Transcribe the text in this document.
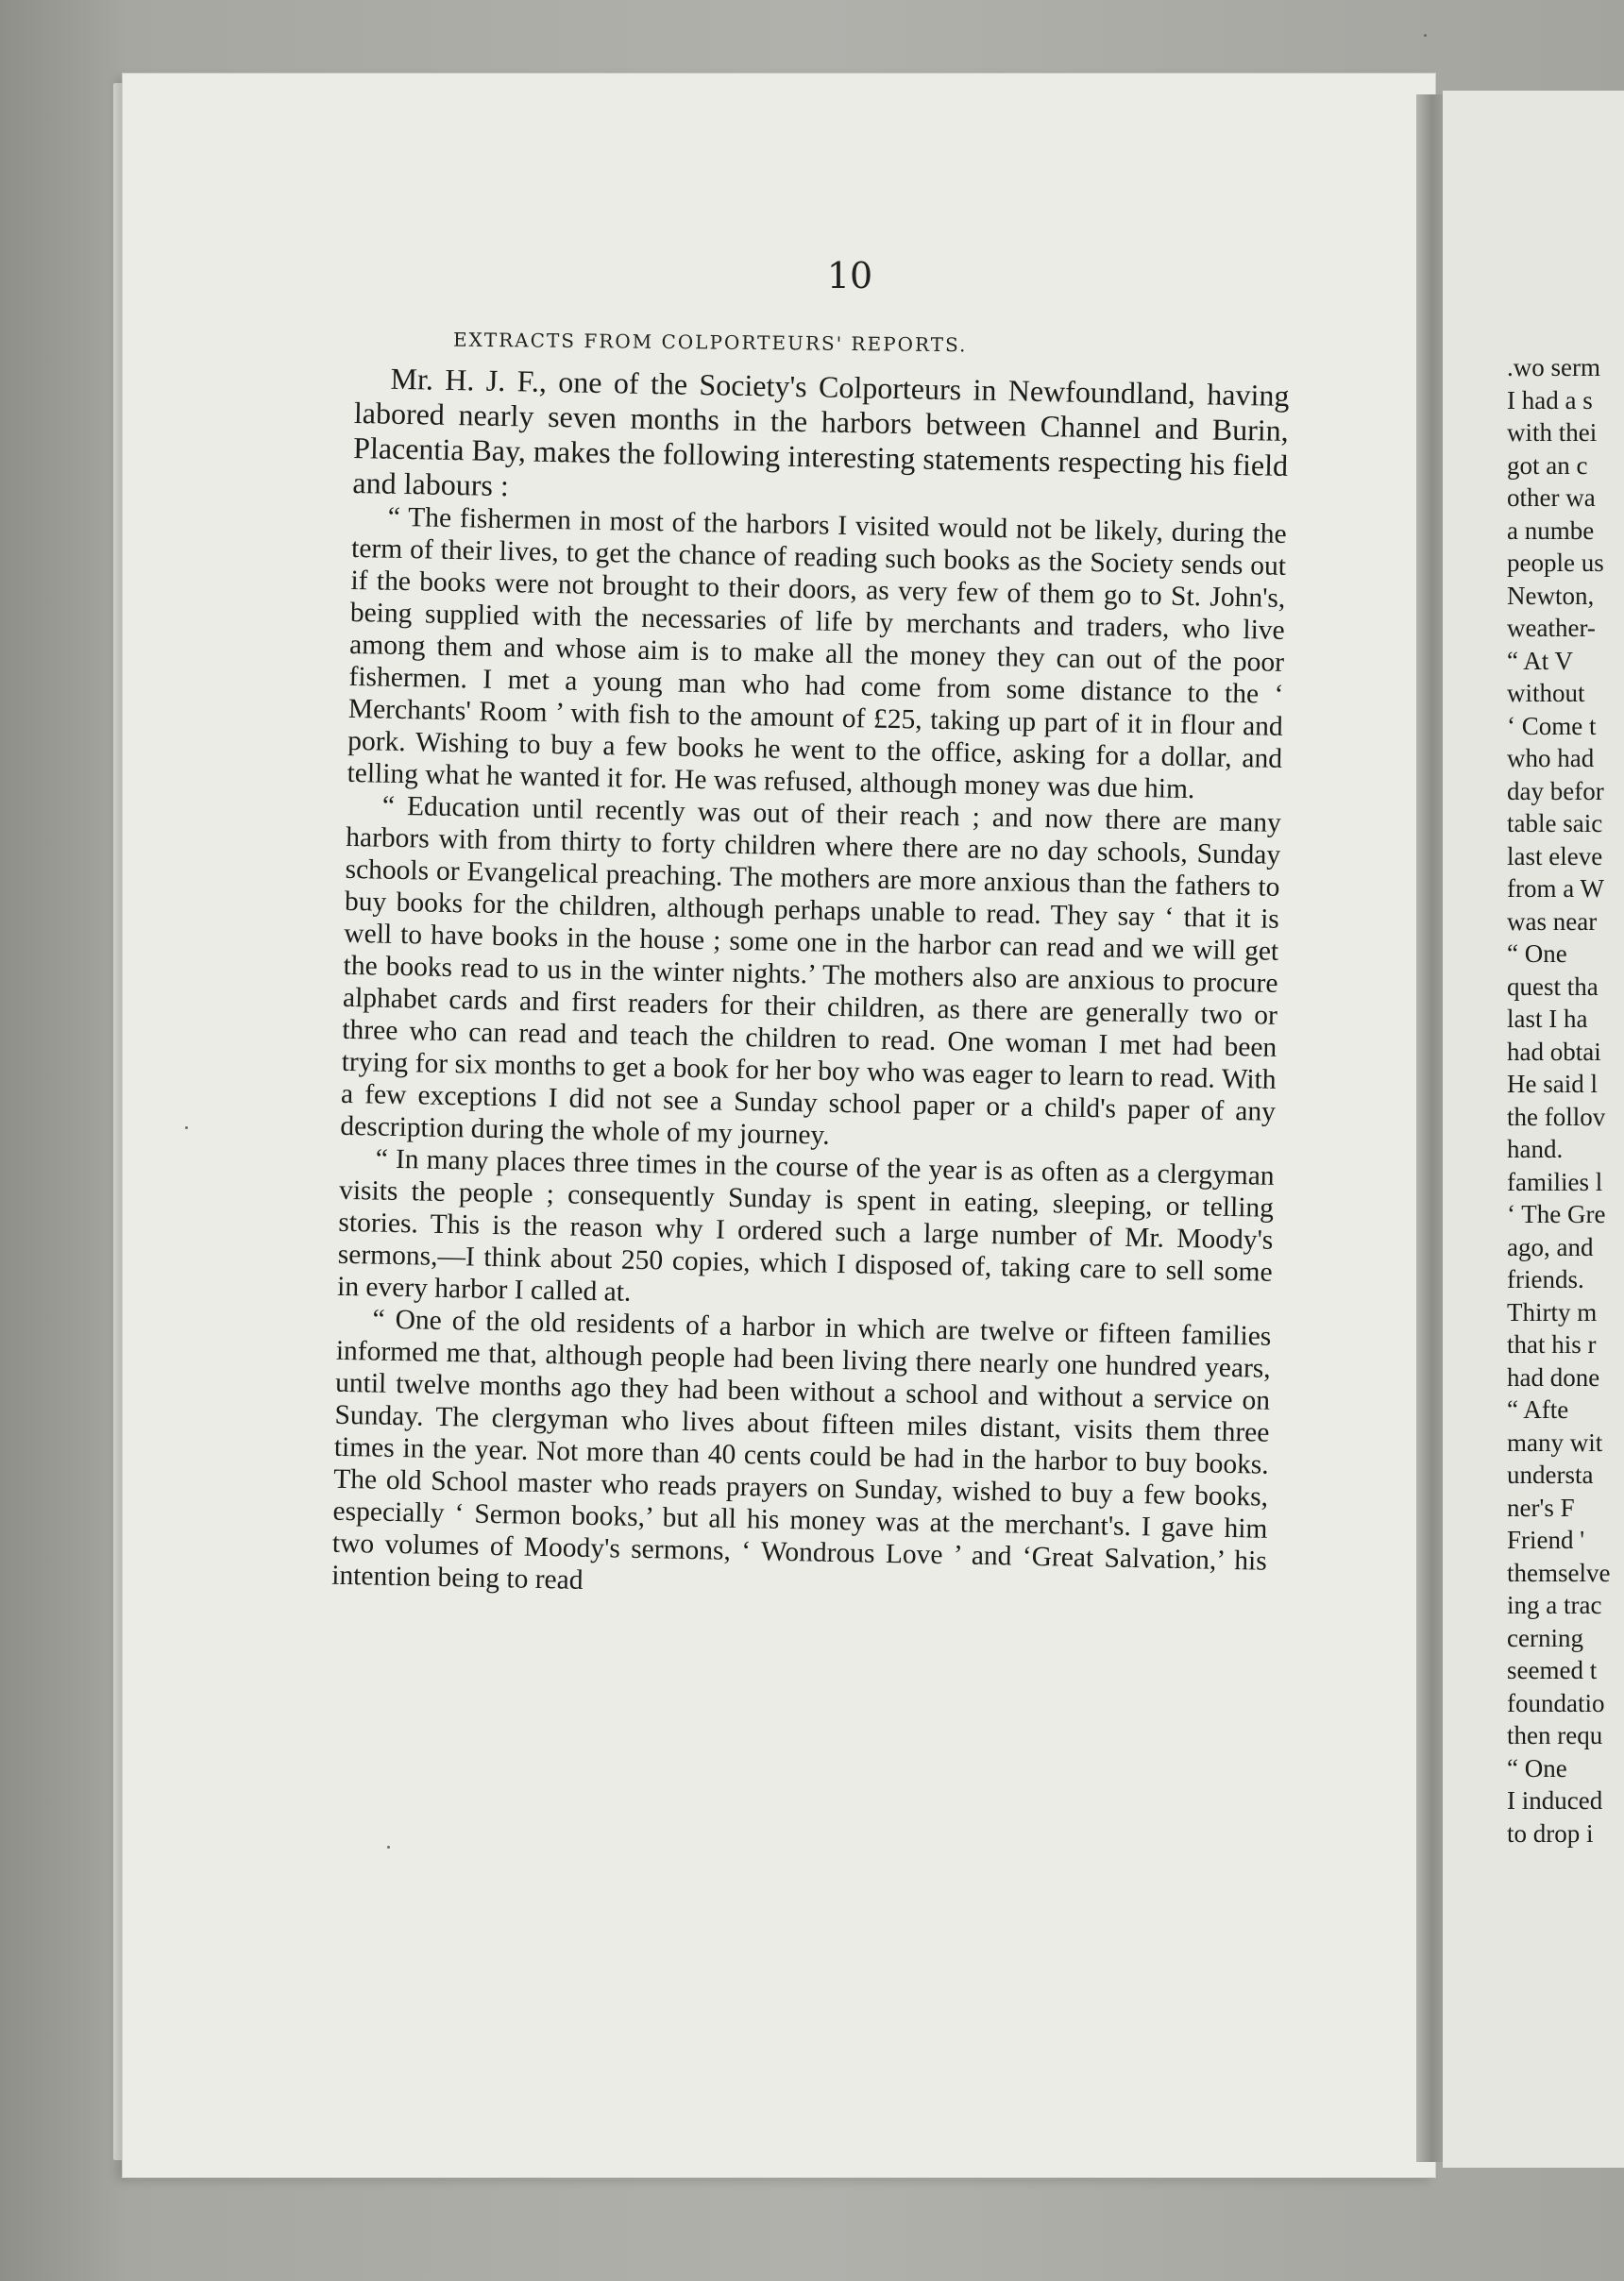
10

EXTRACTS FROM COLPORTEURS' REPORTS.

Mr. H. J. F., one of the Society's Colporteurs in Newfoundland, having labored nearly seven months in the harbors between Channel and Burin, Placentia Bay, makes the following interesting statements respecting his field and labours :

“ The fishermen in most of the harbors I visited would not be likely, during the term of their lives, to get the chance of reading such books as the Society sends out if the books were not brought to their doors, as very few of them go to St. John's, being supplied with the necessaries of life by merchants and traders, who live among them and whose aim is to make all the money they can out of the poor fishermen. I met a young man who had come from some distance to the ‘ Merchants' Room ’ with fish to the amount of £25, taking up part of it in flour and pork. Wishing to buy a few books he went to the office, asking for a dollar, and telling what he wanted it for. He was refused, although money was due him.

“ Education until recently was out of their reach ; and now there are many harbors with from thirty to forty children where there are no day schools, Sunday schools or Evangelical preaching. The mothers are more anxious than the fathers to buy books for the children, although perhaps unable to read. They say ‘ that it is well to have books in the house ; some one in the harbor can read and we will get the books read to us in the winter nights.’ The mothers also are anxious to procure alphabet cards and first readers for their children, as there are generally two or three who can read and teach the children to read. One woman I met had been trying for six months to get a book for her boy who was eager to learn to read. With a few exceptions I did not see a Sunday school paper or a child's paper of any description during the whole of my journey.

“ In many places three times in the course of the year is as often as a clergyman visits the people ; consequently Sunday is spent in eating, sleeping, or telling stories. This is the reason why I ordered such a large number of Mr. Moody's sermons,—I think about 250 copies, which I disposed of, taking care to sell some in every harbor I called at.

“ One of the old residents of a harbor in which are twelve or fifteen families informed me that, although people had been living there nearly one hundred years, until twelve months ago they had been without a school and without a service on Sunday. The clergyman who lives about fifteen miles distant, visits them three times in the year. Not more than 40 cents could be had in the harbor to buy books. The old School master who reads prayers on Sunday, wished to buy a few books, especially ‘ Sermon books,’ but all his money was at the merchant's. I gave him two volumes of Moody's sermons, ‘ Wondrous Love ’ and ‘Great Salvation,’ his intention being to read

.wo serm
I had a s
with thei
got an c
other wa
a numbe
people us
Newton,
weather-
“ At V
without
‘ Come t
who had
day befor
table saic
last eleve
from a W
was near
“ One
quest tha
last I ha
had obtai
He said l
the follov
hand.
families l
‘ The Gre
ago, and
friends.
Thirty m
that his r
had done
“ Afte
many wit
understa
ner's F
Friend '
themselve
ing a trac
cerning
seemed t
foundatio
then requ
“ One
I induced
to drop i
